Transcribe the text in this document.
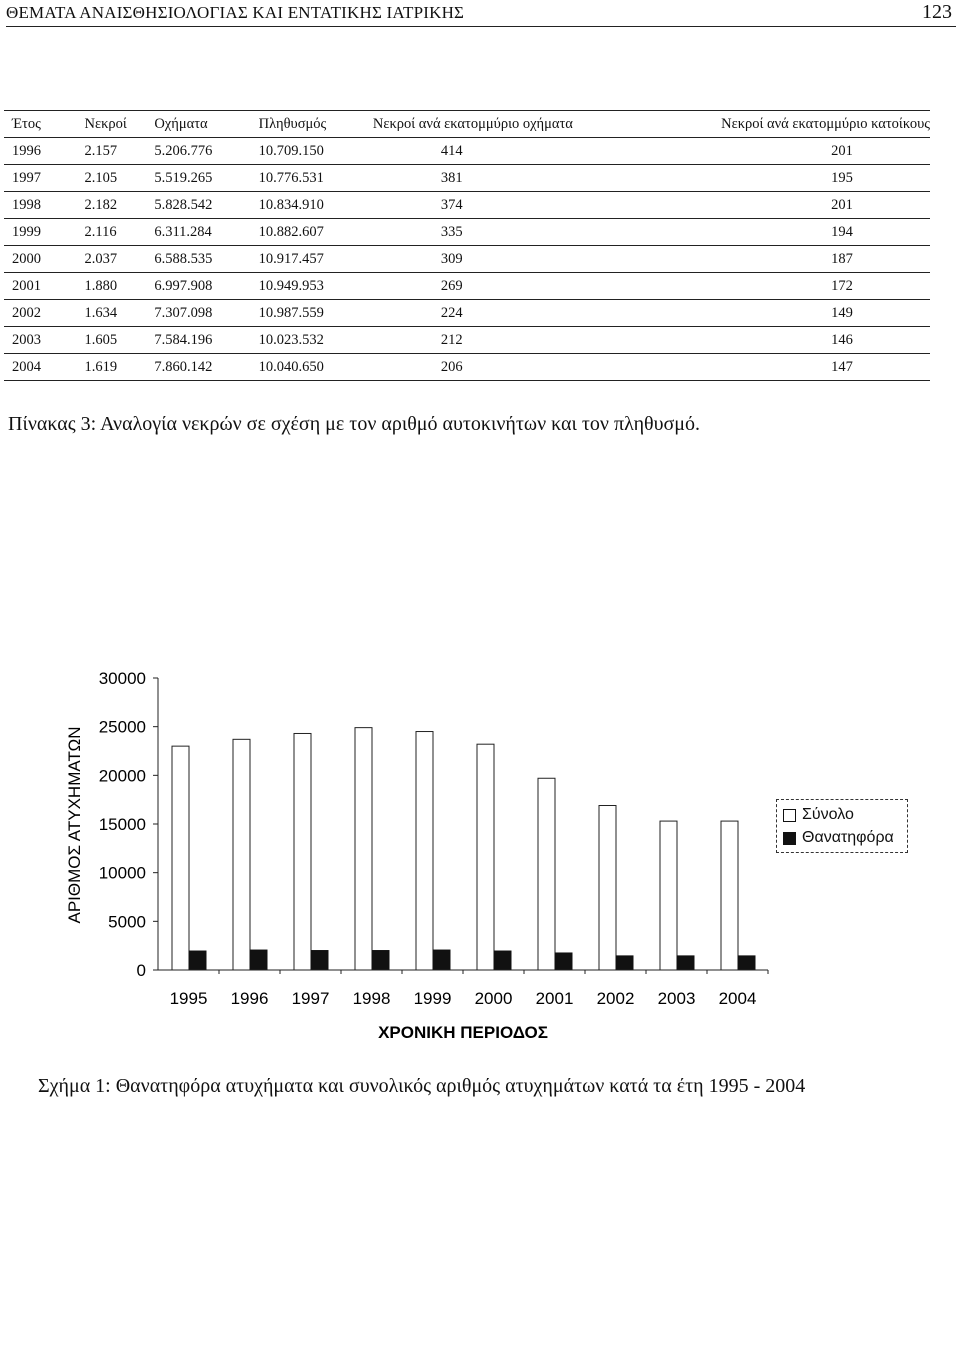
ΘΕΜΑΤΑ ΑΝΑΙΣΘΗΣΙΟΛΟΓΙΑΣ ΚΑΙ ΕΝΤΑΤΙΚΗΣ ΙΑΤΡΙΚΗΣ	123
Έτος	Νεκροί	Οχήματα	Πληθυσμός	Νεκροί ανά εκατομμύριο οχήματα	Νεκροί ανά εκατομμύριο κατοίκους
1996	2.157	5.206.776	10.709.150	414	201
1997	2.105	5.519.265	10.776.531	381	195
1998	2.182	5.828.542	10.834.910	374	201
1999	2.116	6.311.284	10.882.607	335	194
2000	2.037	6.588.535	10.917.457	309	187
2001	1.880	6.997.908	10.949.953	269	172
2002	1.634	7.307.098	10.987.559	224	149
2003	1.605	7.584.196	10.023.532	212	146
2004	1.619	7.860.142	10.040.650	206	147
Πίνακας 3: Αναλογία νεκρών σε σχέση με τον αριθμό αυτοκινήτων και τον πληθυσμό.
0
5000
10000
15000
20000
25000
30000
1995 1996 1997 1998 1999 2000 2001 2002 2003 2004
ΑΡΙΘΜΟΣ ΑΤΥΧΗΜΑΤΩΝ
ΧΡΟΝΙΚΗ ΠΕΡΙΟΔΟΣ
Σύνολο
Θανατηφόρα
Σχήμα 1: Θανατηφόρα ατυχήματα και συνολικός αριθμός ατυχημάτων κατά τα έτη 1995 - 2004
